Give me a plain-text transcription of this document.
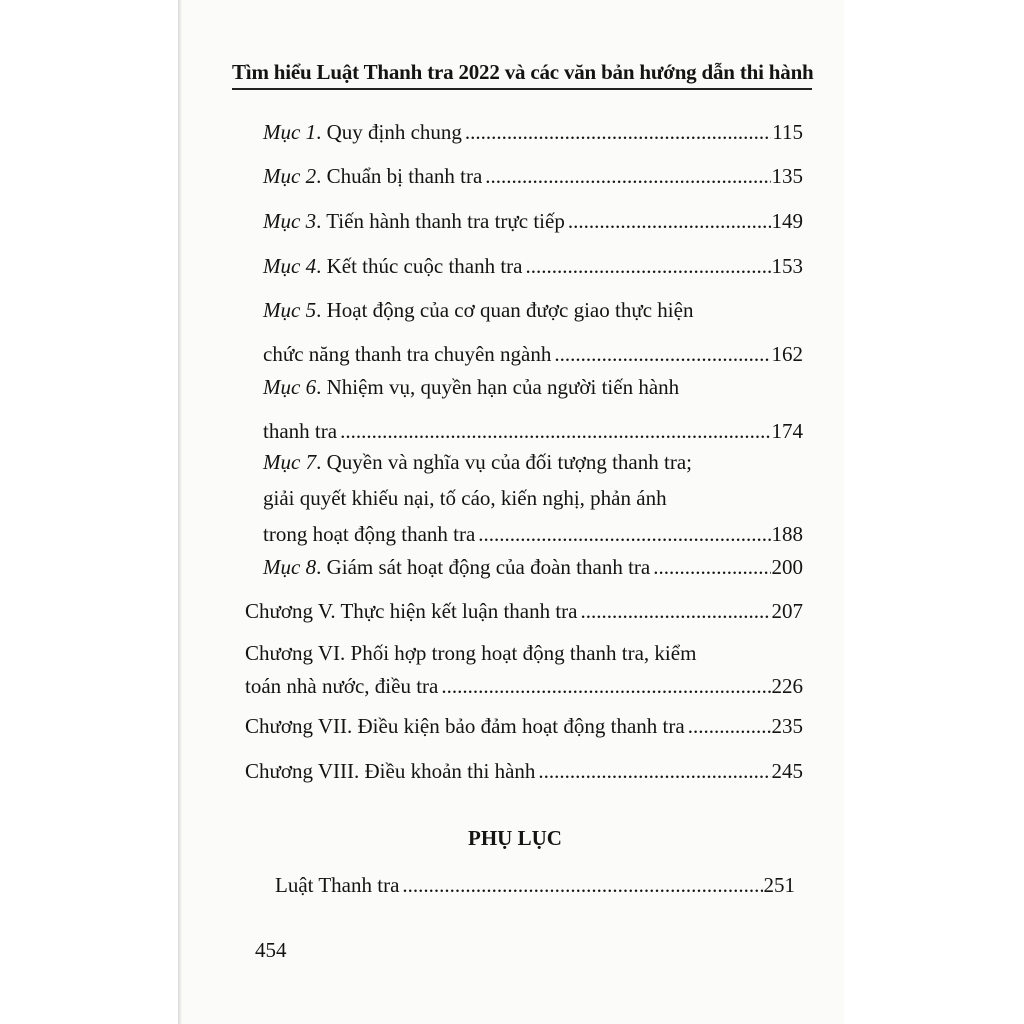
Tìm hiểu Luật Thanh tra 2022 và các văn bản hướng dẫn thi hành
Mục 1. Quy định chung .....	115
Mục 2. Chuẩn bị thanh tra .....	135
Mục 3. Tiến hành thanh tra trực tiếp .....	149
Mục 4. Kết thúc cuộc thanh tra .....	153
Mục 5. Hoạt động của cơ quan được giao thực hiện
chức năng thanh tra chuyên ngành .....	162
Mục 6. Nhiệm vụ, quyền hạn của người tiến hành
thanh tra .....	174
Mục 7. Quyền và nghĩa vụ của đối tượng thanh tra;
giải quyết khiếu nại, tố cáo, kiến nghị, phản ánh
trong hoạt động thanh tra .....	188
Mục 8. Giám sát hoạt động của đoàn thanh tra .....	200
Chương V. Thực hiện kết luận thanh tra .....	207
Chương VI. Phối hợp trong hoạt động thanh tra, kiểm
toán nhà nước, điều tra .....	226
Chương VII. Điều kiện bảo đảm hoạt động thanh tra .....	235
Chương VIII. Điều khoản thi hành .....	245
PHỤ LỤC
Luật Thanh tra .....	251
454
